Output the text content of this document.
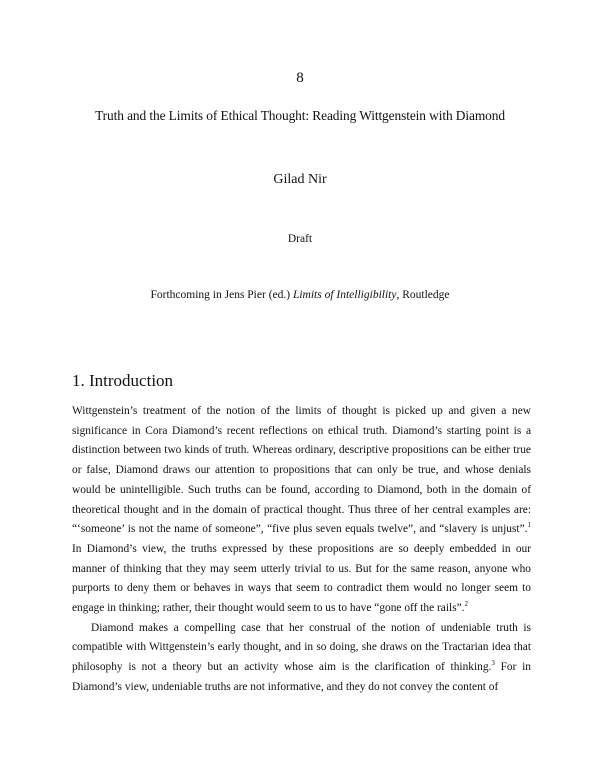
8
Truth and the Limits of Ethical Thought: Reading Wittgenstein with Diamond
Gilad Nir
Draft
Forthcoming in Jens Pier (ed.) Limits of Intelligibility, Routledge
1. Introduction

Wittgenstein’s treatment of the notion of the limits of thought is picked up and given a new significance in Cora Diamond’s recent reflections on ethical truth. Diamond’s starting point is a distinction between two kinds of truth. Whereas ordinary, descriptive propositions can be either true or false, Diamond draws our attention to propositions that can only be true, and whose denials would be unintelligible. Such truths can be found, according to Diamond, both in the domain of theoretical thought and in the domain of practical thought. Thus three of her central examples are: “‘someone’ is not the name of someone”, “five plus seven equals twelve”, and “slavery is unjust”.$^1$ In Diamond’s view, the truths expressed by these propositions are so deeply embedded in our manner of thinking that they may seem utterly trivial to us. But for the same reason, anyone who purports to deny them or behaves in ways that seem to contradict them would no longer seem to engage in thinking; rather, their thought would seem to us to have “gone off the rails”.$^2$

Diamond makes a compelling case that her construal of the notion of undeniable truth is compatible with Wittgenstein’s early thought, and in so doing, she draws on the Tractarian idea that philosophy is not a theory but an activity whose aim is the clarification of thinking.$^3$ For in Diamond’s view, undeniable truths are not informative, and they do not convey the content of
